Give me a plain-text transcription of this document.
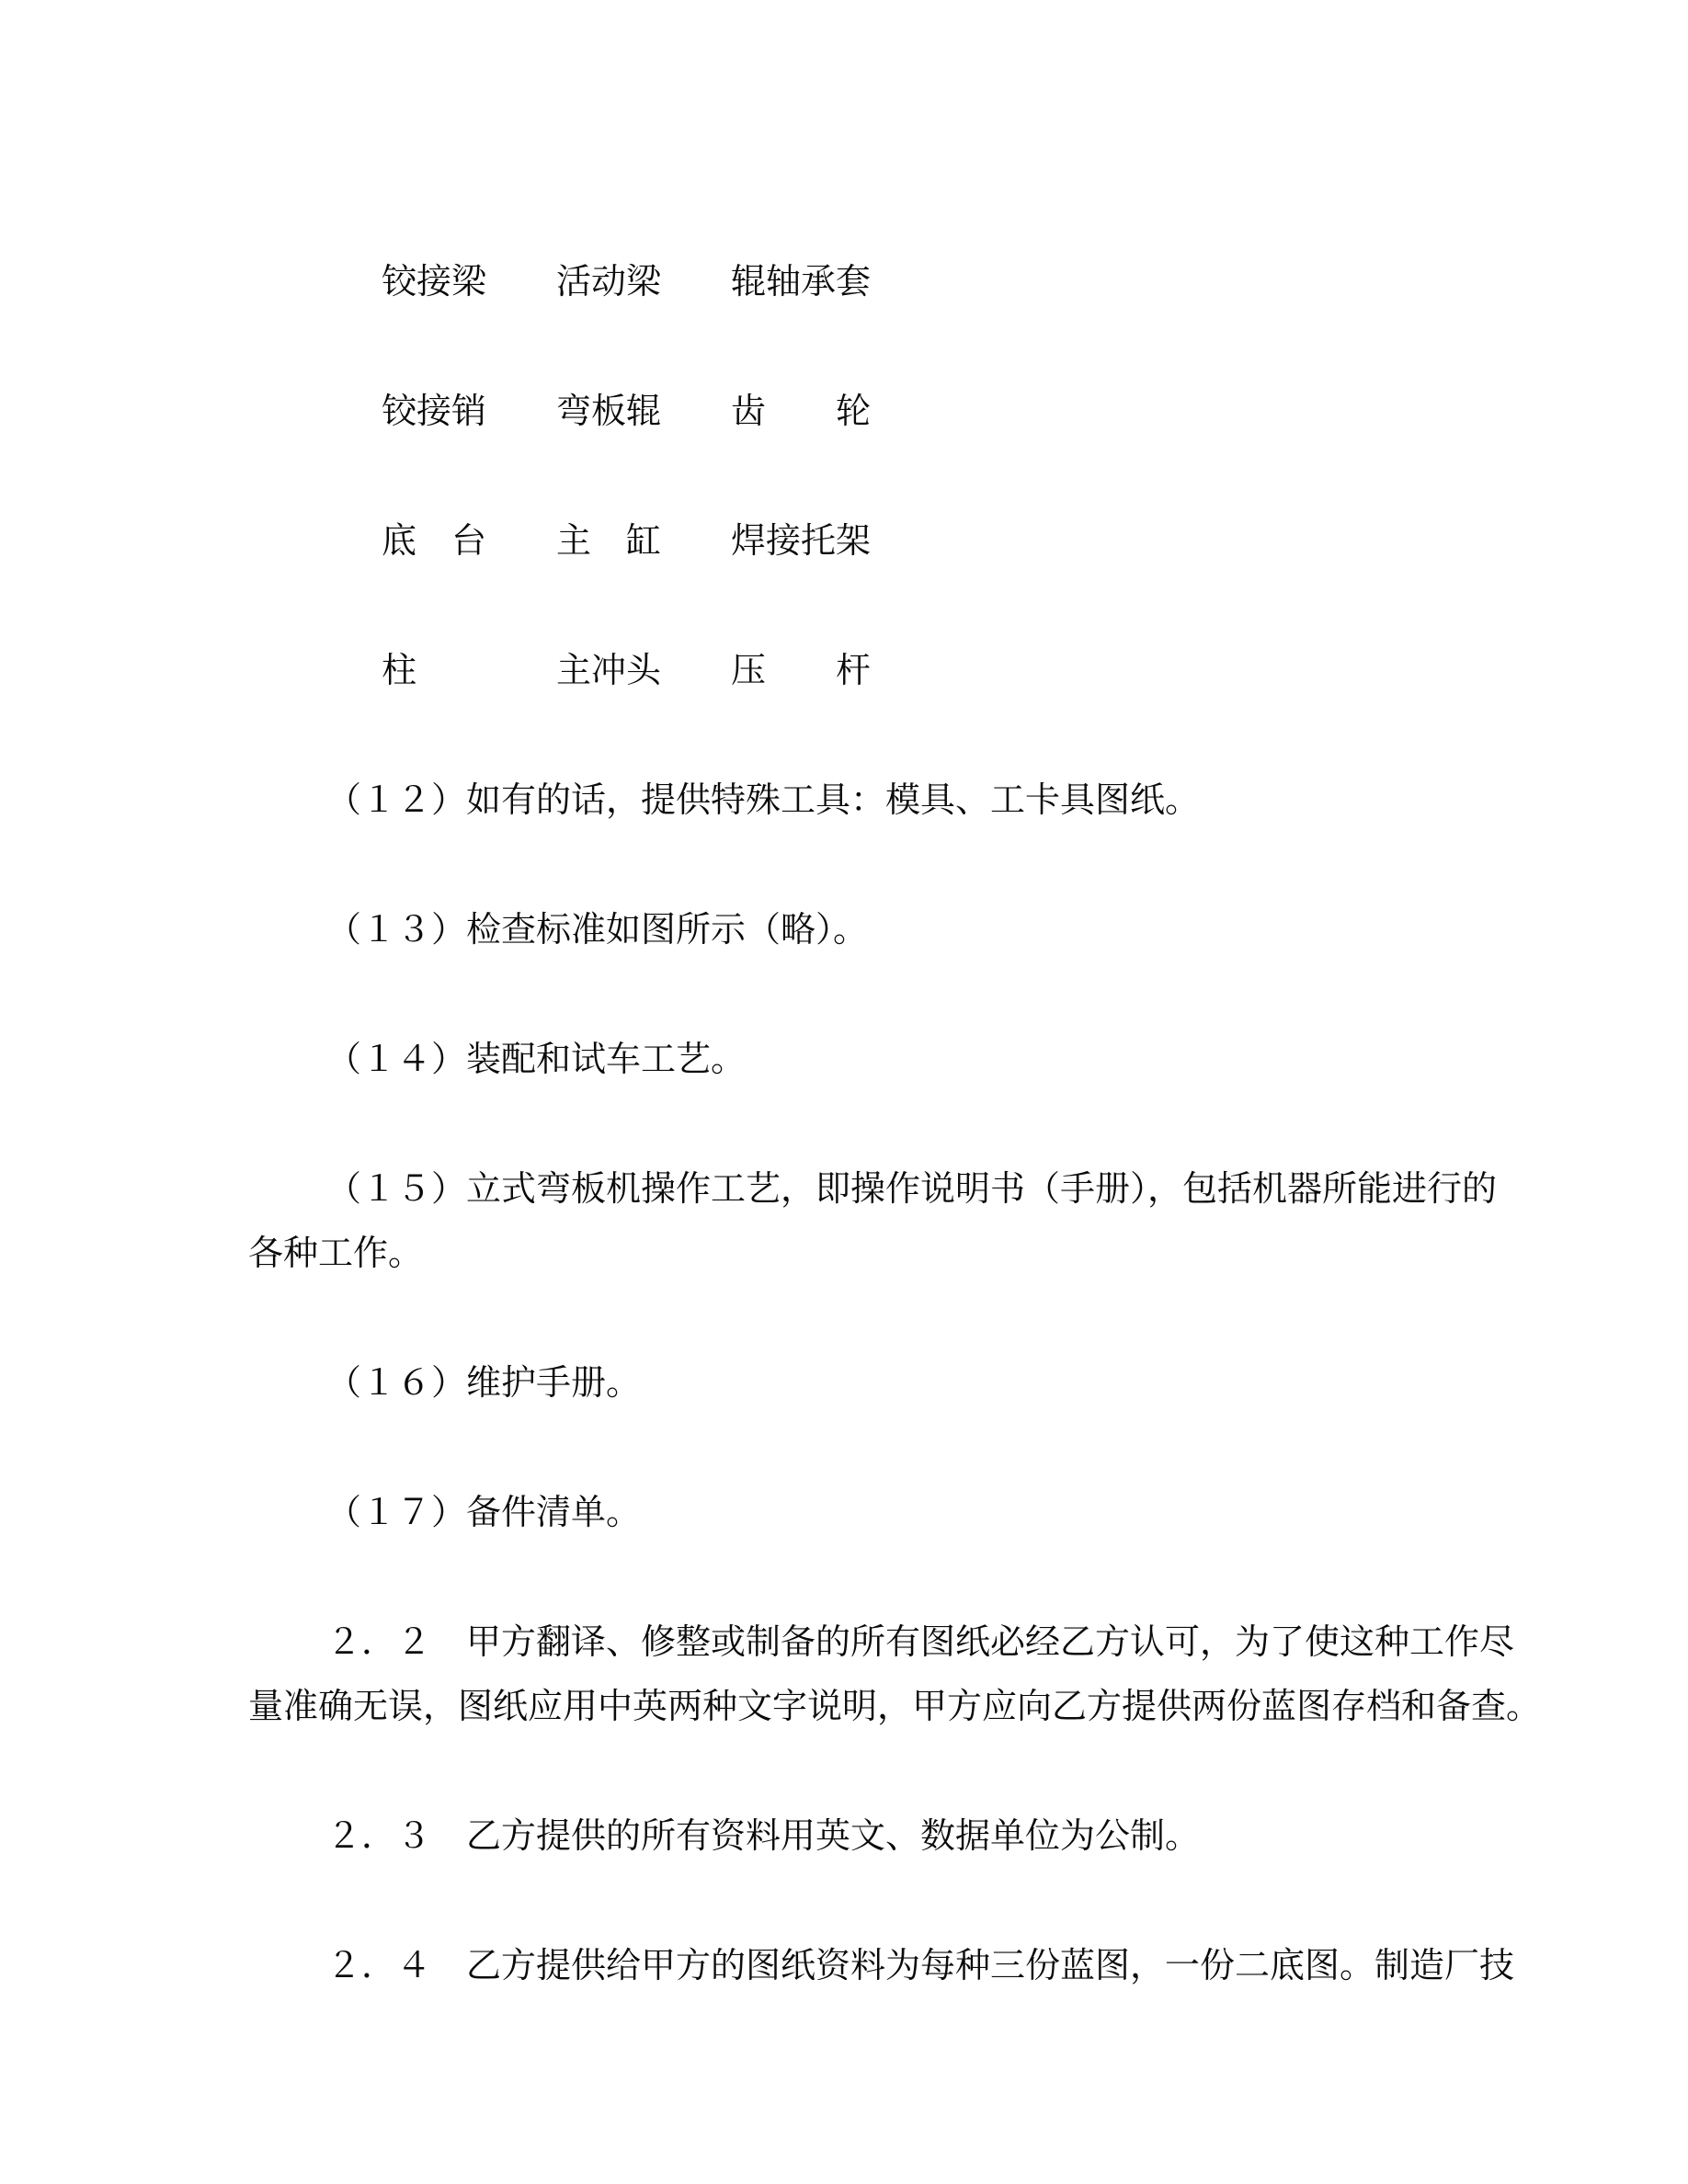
铰接梁　　活动梁　　辊轴承套

铰接销　　弯板辊　　齿　　轮

底　台　　主　缸　　焊接托架

柱　　　　主冲头　　压　　杆

（１２）如有的话，提供特殊工具：模具、工卡具图纸。

（１３）检查标准如图所示（略）。

（１４）装配和试车工艺。

（１５）立式弯板机操作工艺，即操作说明书（手册），包括机器所能进行的

各种工作。

（１６）维护手册。

（１７）备件清单。

２．２　甲方翻译、修整或制备的所有图纸必经乙方认可，为了使这种工作尽

量准确无误，图纸应用中英两种文字说明，甲方应向乙方提供两份蓝图存档和备查。

２．３　乙方提供的所有资料用英文、数据单位为公制。

２．４　乙方提供给甲方的图纸资料为每种三份蓝图，一份二底图。制造厂技
